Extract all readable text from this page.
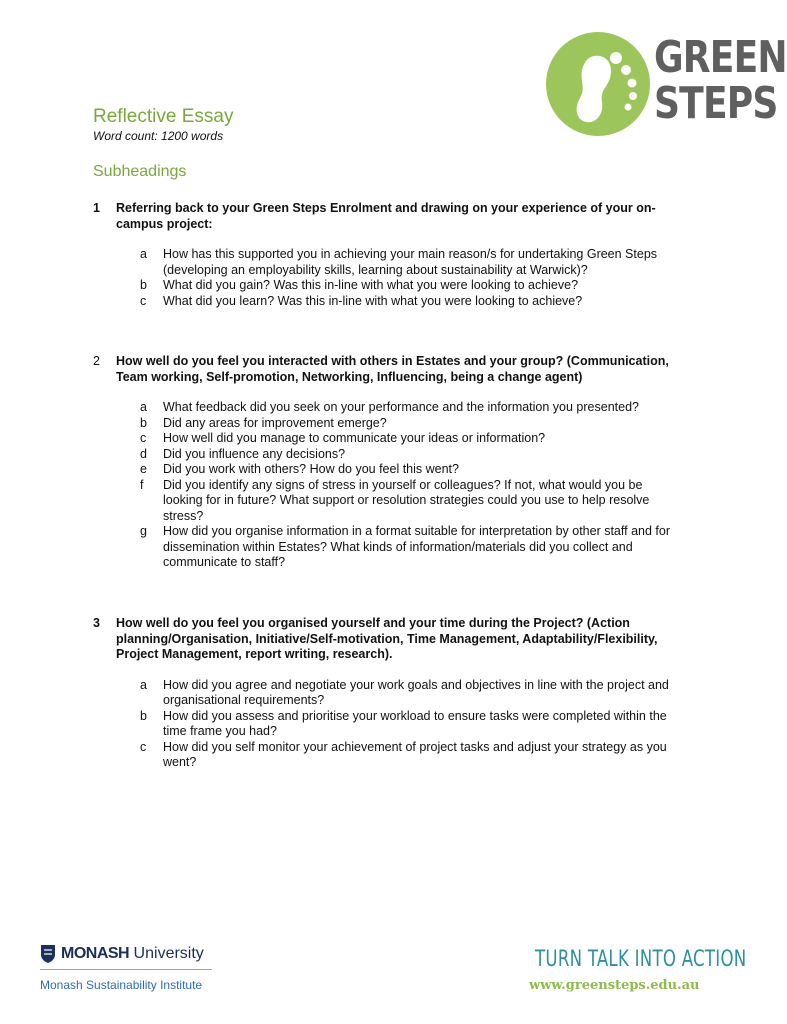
GREEN
STEPS
Reflective Essay
Word count: 1200 words
Subheadings
1 Referring back to your Green Steps Enrolment and drawing on your experience of your on-campus project:
a How has this supported you in achieving your main reason/s for undertaking Green Steps (developing an employability skills, learning about sustainability at Warwick)?
b What did you gain? Was this in-line with what you were looking to achieve?
c What did you learn? Was this in-line with what you were looking to achieve?
2 How well do you feel you interacted with others in Estates and your group? (Communication, Team working, Self-promotion, Networking, Influencing, being a change agent)
a What feedback did you seek on your performance and the information you presented?
b Did any areas for improvement emerge?
c How well did you manage to communicate your ideas or information?
d Did you influence any decisions?
e Did you work with others? How do you feel this went?
f Did you identify any signs of stress in yourself or colleagues? If not, what would you be looking for in future? What support or resolution strategies could you use to help resolve stress?
g How did you organise information in a format suitable for interpretation by other staff and for dissemination within Estates? What kinds of information/materials did you collect and communicate to staff?
3 How well do you feel you organised yourself and your time during the Project? (Action planning/Organisation, Initiative/Self-motivation, Time Management, Adaptability/Flexibility, Project Management, report writing, research).
a How did you agree and negotiate your work goals and objectives in line with the project and organisational requirements?
b How did you assess and prioritise your workload to ensure tasks were completed within the time frame you had?
c How did you self monitor your achievement of project tasks and adjust your strategy as you went?
MONASH University
Monash Sustainability Institute
TURN TALK INTO ACTION
www.greensteps.edu.au
